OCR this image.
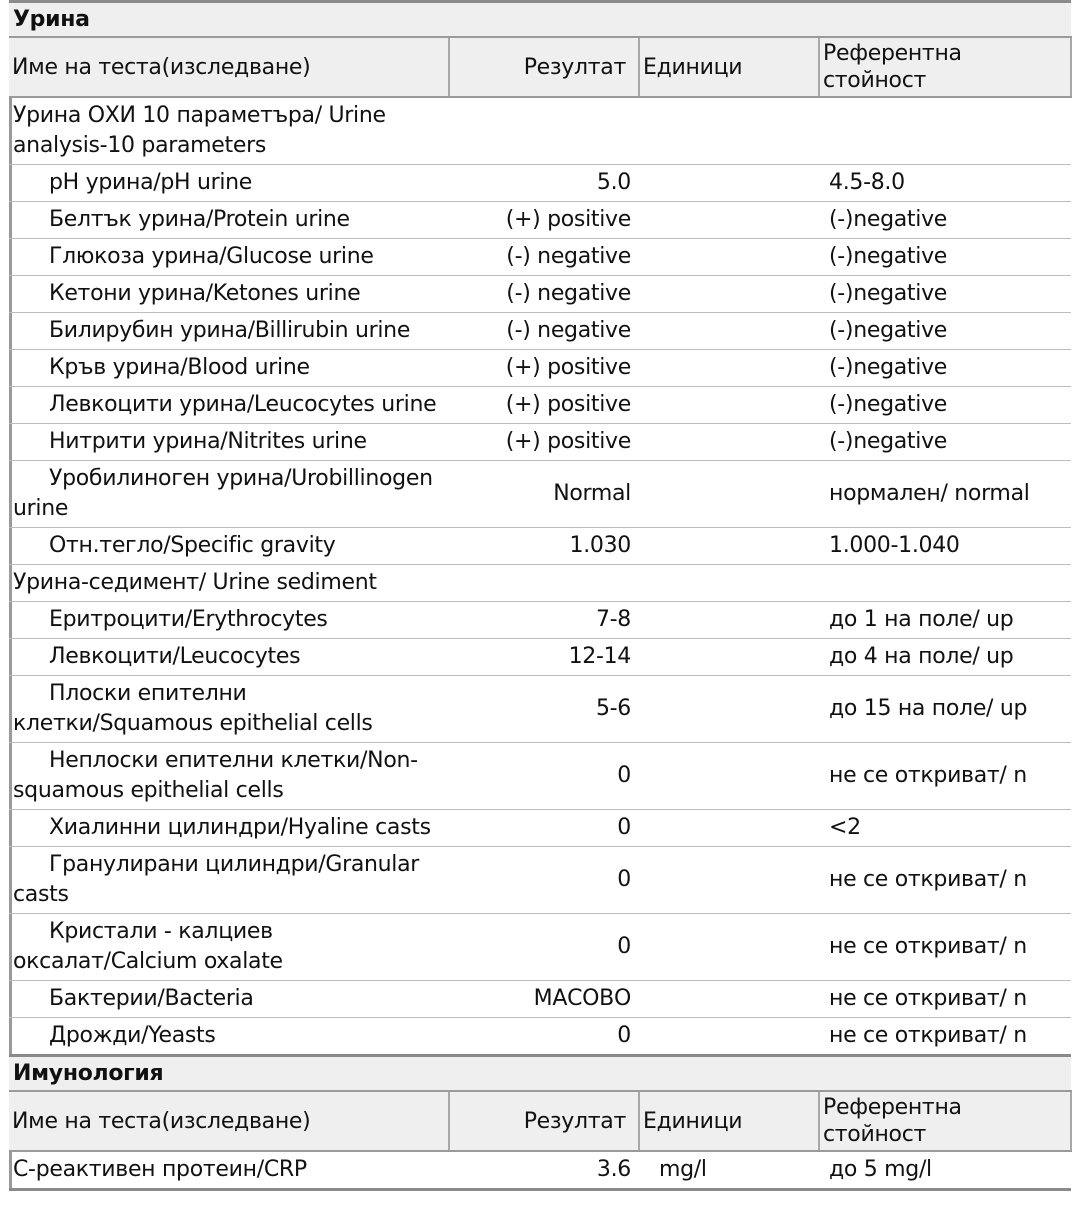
Урина			
Име на теста(изследване)	Резултат	Единици	Референтна стойност
Урина ОХИ 10 параметъра/ Urine analysis-10 parameters			
pH урина/pH urine	5.0		4.5-8.0
Белтък урина/Protein urine	(+) positive		(-)negative
Глюкоза урина/Glucose urine	(-) negative		(-)negative
Кетони урина/Ketones urine	(-) negative		(-)negative
Билирубин урина/Billirubin urine	(-) negative		(-)negative
Кръв урина/Blood urine	(+) positive		(-)negative
Левкоцити урина/Leucocytes urine	(+) positive		(-)negative
Нитрити урина/Nitrites urine	(+) positive		(-)negative
Уробилиноген урина/Urobillinogen urine	Normal		нормален/ normal
Отн.тегло/Specific gravity	1.030		1.000-1.040
Урина-седимент/ Urine sediment			
Еритроцити/Erythrocytes	7-8		до 1 на поле/ up
Левкоцити/Leucocytes	12-14		до 4 на поле/ up
Плоски епителни клетки/Squamous epithelial cells	5-6		до 15 на поле/ up
Неплоски епителни клетки/Non-squamous epithelial cells	0		не се откриват/ n
Хиалинни цилиндри/Hyaline casts	0		<2
Гранулирани цилиндри/Granular casts	0		не се откриват/ n
Кристали - калциев оксалат/Calcium oxalate	0		не се откриват/ n
Бактерии/Bacteria	МАСОВО		не се откриват/ n
Дрожди/Yeasts	0		не се откриват/ n
Имунология			
Име на теста(изследване)	Резултат	Единици	Референтна стойност
C-реактивен протеин/CRP	3.6	mg/l	до 5 mg/l
